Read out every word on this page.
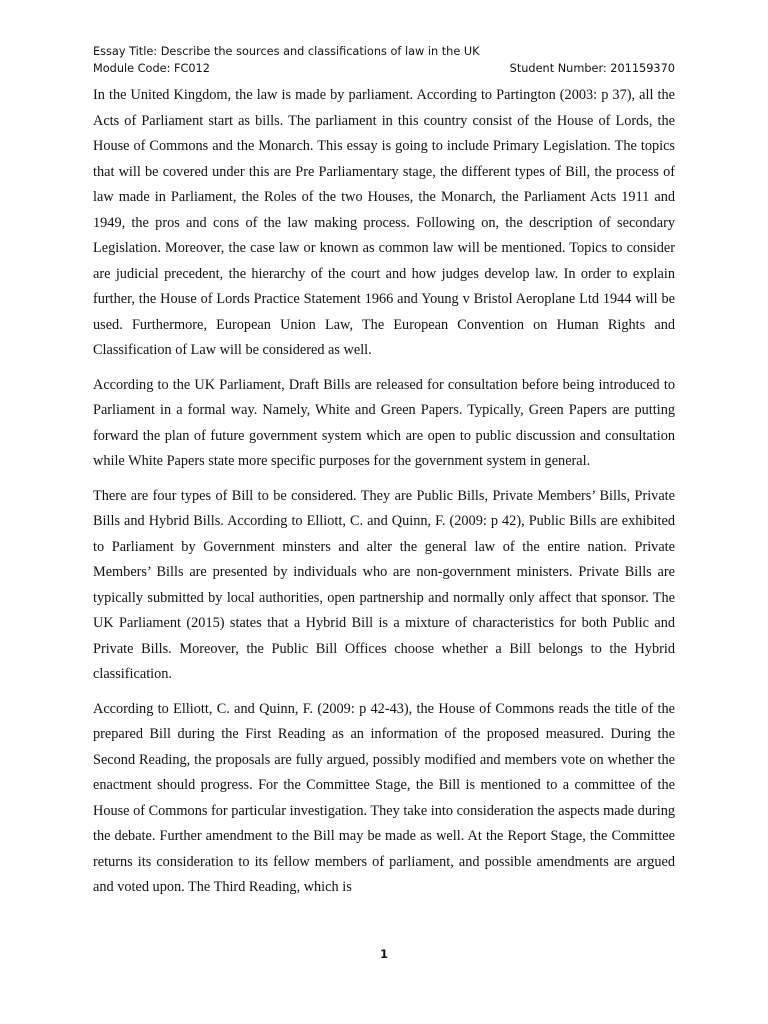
Essay Title: Describe the sources and classifications of law in the UK
Module Code: FC012	Student Number: 201159370

In the United Kingdom, the law is made by parliament. According to Partington (2003: p 37), all the Acts of Parliament start as bills. The parliament in this country consist of the House of Lords, the House of Commons and the Monarch. This essay is going to include Primary Legislation. The topics that will be covered under this are Pre Parliamentary stage, the different types of Bill, the process of law made in Parliament, the Roles of the two Houses, the Monarch, the Parliament Acts 1911 and 1949, the pros and cons of the law making process. Following on, the description of secondary Legislation. Moreover, the case law or known as common law will be mentioned. Topics to consider are judicial precedent, the hierarchy of the court and how judges develop law. In order to explain further, the House of Lords Practice Statement 1966 and Young v Bristol Aeroplane Ltd 1944 will be used. Furthermore, European Union Law, The European Convention on Human Rights and Classification of Law will be considered as well.

According to the UK Parliament, Draft Bills are released for consultation before being introduced to Parliament in a formal way. Namely, White and Green Papers. Typically, Green Papers are putting forward the plan of future government system which are open to public discussion and consultation while White Papers state more specific purposes for the government system in general.

There are four types of Bill to be considered. They are Public Bills, Private Members’ Bills, Private Bills and Hybrid Bills. According to Elliott, C. and Quinn, F. (2009: p 42), Public Bills are exhibited to Parliament by Government minsters and alter the general law of the entire nation. Private Members’ Bills are presented by individuals who are non-government ministers. Private Bills are typically submitted by local authorities, open partnership and normally only affect that sponsor. The UK Parliament (2015) states that a Hybrid Bill is a mixture of characteristics for both Public and Private Bills. Moreover, the Public Bill Offices choose whether a Bill belongs to the Hybrid classification.

According to Elliott, C. and Quinn, F. (2009: p 42-43), the House of Commons reads the title of the prepared Bill during the First Reading as an information of the proposed measured. During the Second Reading, the proposals are fully argued, possibly modified and members vote on whether the enactment should progress. For the Committee Stage, the Bill is mentioned to a committee of the House of Commons for particular investigation. They take into consideration the aspects made during the debate. Further amendment to the Bill may be made as well. At the Report Stage, the Committee returns its consideration to its fellow members of parliament, and possible amendments are argued and voted upon. The Third Reading, which is

1
